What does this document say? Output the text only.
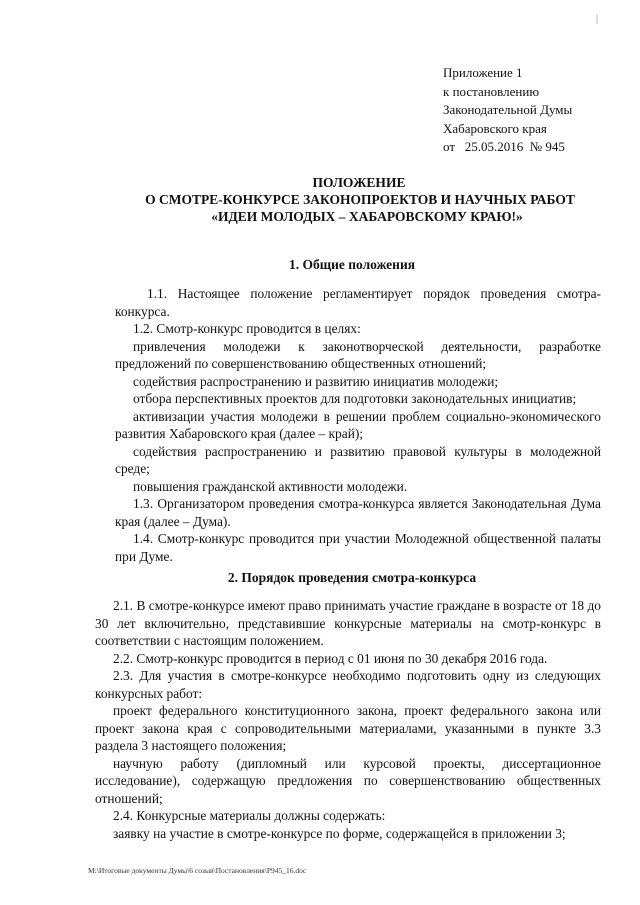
Приложение 1
к постановлению
Законодательной Думы
Хабаровского края
от   25.05.2016  № 945
ПОЛОЖЕНИЕ
О СМОТРЕ-КОНКУРСЕ ЗАКОНОПРОЕКТОВ И НАУЧНЫХ РАБОТ
«ИДЕИ МОЛОДЫХ – ХАБАРОВСКОМУ КРАЮ!»
1. Общие положения

1.1. Настоящее положение регламентирует порядок проведения смотра-конкурса.

1.2. Смотр-конкурс проводится в целях:

привлечения молодежи к законотворческой деятельности, разработке предложений по совершенствованию общественных отношений;

содействия распространению и развитию инициатив молодежи;

отбора перспективных проектов для подготовки законодательных инициатив;

активизации участия молодежи в решении проблем социально-экономического развития Хабаровского края (далее – край);

содействия распространению и развитию правовой культуры в молодежной среде;

повышения гражданской активности молодежи.

1.3. Организатором проведения смотра-конкурса является Законодательная Дума края (далее – Дума).

1.4. Смотр-конкурс проводится при участии Молодежной общественной палаты при Думе.

2. Порядок проведения смотра-конкурса

2.1. В смотре-конкурсе имеют право принимать участие граждане в возрасте от 18 до 30 лет включительно, представившие конкурсные материалы на смотр-конкурс в соответствии с настоящим положением.

2.2. Смотр-конкурс проводится в период с 01 июня по 30 декабря 2016 года.

2.3. Для участия в смотре-конкурсе необходимо подготовить одну из следующих конкурсных работ:

проект федерального конституционного закона, проект федерального закона или проект закона края с сопроводительными материалами, указанными в пункте 3.3 раздела 3 настоящего положения;

научную работу (дипломный или курсовой проекты, диссертационное исследование), содержащую предложения по совершенствованию общественных отношений;

2.4. Конкурсные материалы должны содержать:

заявку на участие в смотре-конкурсе по форме, содержащейся в приложении 3;

M:\Итоговые документы Думы\6 созыв\Постановления\Р945_16.doc
